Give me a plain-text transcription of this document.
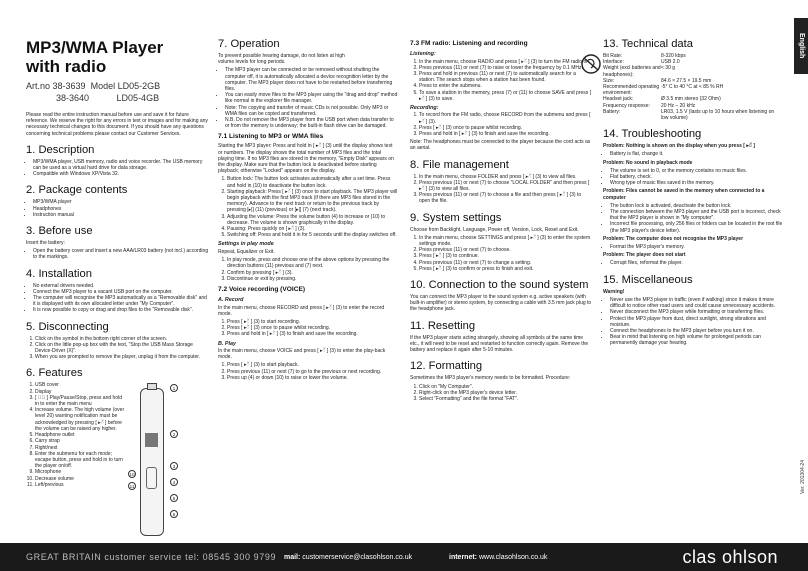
English
Ver. 201304-24
MP3/WMA Player with radio
Art.no 38-3639 Model LD05-2GB
38-3640	LD05-4GB

Please read the entire instruction manual before use and save it for future reference. We reserve the right for any errors in text or images and for making any necessary technical changes to this document. If you should have any questions concerning technical problems please contact our Customer Services.

1. Description
• MP3/WMA player, USB memory, radio and voice recorder. The USB memory can be used as a virtual hard drive for data storage.
• Compatible with Windows XP/Vista 32.
2. Package contents
• MP3/WMA player
• Headphones
• Instruction manual
3. Before use

Insert the battery:

• Open the battery cover and insert a new AAA/LR03 battery (not incl.) according to the markings.
4. Installation
• No external drivers needed.
• Connect the MP3 player to a vacant USB port on the computer.
• The computer will recognise the MP3 automatically as a "Removable disk" and it is displayed with its own allocated letter under "My Computer".
• It is now possible to copy or drag and drop files to the "Removable disk".
5. Disconnecting
1. Click on the symbol in the bottom right corner of the screen.
2. Click on the little pop-up box with the text, "Stop the USB Mass Storage Device-Driver (X)".
3. When you are prompted to remove the player, unplug it from the computer.
6. Features
1. USB cover
2. Display
3. [ ▸ॅ ] Play/Pause/Stop, press and hold in to enter the main menu
4. Increase volume. The high volume (over level 20) warning notification must be acknowledged by pressing [ ▸ॅ ] before the volume can be raised any higher.
5. Headphone outlet
6. Carry strap
7. Right/next
8. Enter the submenu for each mode; escape button, press and hold in to turn the player on/off.
9. Microphone
10. Decrease volume
11. Left/previous
1
2
3
4
5
6
11
10
7. Operation

To prevent possible hearing damage, do not listen at high volume levels for long periods.

• The MP3 player can be connected or be removed without shutting the computer off, it is automatically allocated a device recognition letter by the computer. The MP3 player does not have to be restarted before transferring files.
• You can easily move files to the MP3 player using the "drag and drop" method like normal in the explorer file manager.
• Note: The copying and transfer of music CDs is not possible. Only MP3 or WMA files can be copied and transferred.
• N.B. Do not remove the MP3 player from the USB port when data transfer to or from the memory is underway; the built-in flash drive can be damaged.
7.1 Listening to MP3 or WMA files

Starting the MP3 player: Press and hold in [ ▸ॅ ] (3) until the display shows text or numbers. The display shows the total number of MP3 files and the total playing time. If no MP3 files are stored in the memory, "Empty Disk" appears on the display. Make sure that the button lock is deactivated before starting playback; otherwise "Locked" appears on the display.

1. Button lock: The button lock activates automatically after a set time. Press and hold in (10) to deactivate the button lock.
2. Starting playback: Press [ ▸ॅ ] (3) once to start playback. The MP3 player will begin playback with the first MP3 track (if there are MP3 files stored in the memory). Advance to the next track or return to the previous track by pressing [▸|] (11) (previous) or [▸|] (7) (next track).
3. Adjusting the volume: Press the volume button (4) to increase or (10) to decrease. The volume is shown graphically in the display.
4. Pausing: Press quickly on [ ▸ॅ ] (3).
5. Switching off: Press and hold it in for 5 seconds until the display switches off.
Settings in play mode

Repeat, Equalizer or Exit.

1. In play mode, press and choose one of the above options by pressing the direction buttons (11) previous and (7) next.
2. Confirm by pressing [ ▸ॅ ] (3).
3. Discontinue or exit by pressing.
7.2 Voice recording (VOICE)
A. Record

In the main menu, choose RECORD and press [ ▸ॅ ] (3) to enter the record mode.

1. Press [ ▸ॅ ] (3) to start recording.
2. Press [ ▸ॅ ] (3) once to pause whilst recording.
3. Press and hold in [ ▸ॅ ] (3) to finish and save the recording.
B. Play

In the main menu, choose VOICE and press [ ▸ॅ ] (3) to enter the play-back mode.

1. Press [ ▸ॅ ] (3) to start playback.
2. Press previous (11) or next (7) to go to the previous or next recording.
3. Press up (4) or down (10) to raise or lower the volume.
7.3 FM radio: Listening and recording
Listening:
1. In the main menu, choose RADIO and press [ ▸ॅ ] (3) to turn the FM radio on.
2. Press previous (11) or next (7) to raise or lower the frequency by 0.1 MHz.
3. Press and hold in previous (11) or next (7) to automatically search for a station. The search stops when a station has been found.
4. Press to enter the submenu.
5. To save a station in the memory, press (7) or (11) to choose SAVE and press [ ▸ॅ ] (3) to save.
Recording:
1. To record from the FM radio, choose RECORD from the submenu and press [ ▸ॅ ] (3).
2. Press [ ▸ॅ ] (3) once to pause whilst recording.
3. Press and hold in [ ▸ॅ ] (3) to finish and save the recording.

Note: The headphones must be connected to the player because the cord acts as an aerial.

8. File management
1. In the main menu, choose FOLDER and press [ ▸ॅ ] (3) to view all files.
2. Press previous (11) or next (7) to choose "LOCAL FOLDER" and then press [ ▸ॅ ] (3) to view all files.
3. Press previous (11) or next (7) to choose a file and then press [ ▸ॅ ] (3) to open the file.
9. System settings

Choose from Backlight, Language, Power off, Version, Lock, Reset and Exit.

1. In the main menu, choose SETTINGS and press [ ▸ॅ ] (3) to enter the system settings mode.
2. Press previous (11) or next (7) to choose.
3. Press [ ▸ॅ ] (3) to continue.
4. Press previous (11) or next (7) to change a setting.
5. Press [ ▸ॅ ] (3) to confirm or press to finish and exit.
10. Connection to the sound system

You can connect the MP3 player to the sound system e.g. active speakers (with built-in amplifier) or stereo system, by connecting a cable with 3.5 mm jack plug to the headphone jack.

11. Resetting

If the MP3 player starts acting strangely, showing all symbols at the same time etc., it will need to be reset and restarted to function correctly again. Remove the battery and replace it again after 5-10 minutes.

12. Formatting

Sometimes the MP3 player's memory needs to be formatted. Procedure:

1. Click on "My Computer".
2. Right-click on the MP3 player's device letter.
3. Select "Formatting" and the file format "FAT".
13. Technical data
Bit Rate:	8-320 kbps
Interface:	USB 2.0
Weight (excl batteries and headphones):
< 30 g
Size:	84.6 × 27.5 × 19.5 mm
Recommended operating environment:
-5° C to 40 °C at < 85 % RH
Headset jack:	Ø 3.5 mm stereo (32 Ohm)
Frequency response:	20 Hz – 20 kHz
Battery:	LR03, 1.5 V (lasts up to 10 hours when listening on low volume)
14. Troubleshooting

Problem: Nothing is shown on the display when you press [ ▸ॅ ]

• Battery is flat, change it.

Problem: No sound in playback mode

• The volume is set to 0, or the memory contains no music files.
• Flat battery, check.
• Wrong type of music files saved in the memory.

Problem: Files cannot be saved in the memory when connected to a computer

• The button lock is activated, deactivate the button lock.
• The connection between the MP3 player and the USB port is incorrect, check that the MP3 player is shown in "My computer".
• Incorrect file processing, only 256 files or folders can be located in the root file (the MP3 player's device letter).

Problem: The computer does not recognise the MP3 player

• Format the MP3 player's memory.

Problem: The player does not start

• Corrupt files, reformat the player.
15. Miscellaneous

Warning!

• Never use the MP3 player in traffic (even if walking) since it makes it more difficult to notice other road users and could cause unnecessary accidents.
• Never disconnect the MP3 player while formatting or transferring files.
• Protect the MP3 player from dust, direct sunlight, strong vibrations and moisture.
• Connect the headphones to the MP3 player before you turn it on.
• Bear in mind that listening on high volume for prolonged periods can permanently damage your hearing.
GREAT BRITAIN customer service tel: 08545 300 9799	mail: customerservice@clasohlson.co.uk	internet: www.clasohlson.co.uk	clas ohlson
